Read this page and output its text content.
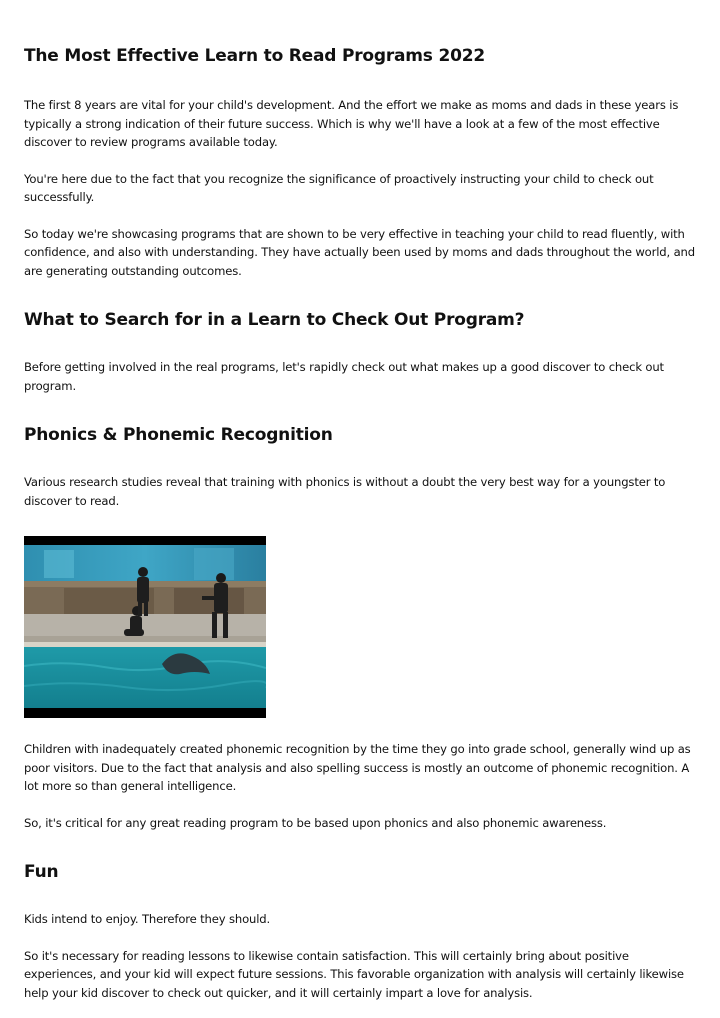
The Most Effective Learn to Read Programs 2022

The first 8 years are vital for your child's development. And the effort we make as moms and dads in these years is typically a strong indication of their future success. Which is why we'll have a look at a few of the most effective discover to review programs available today.

You're here due to the fact that you recognize the significance of proactively instructing your child to check out successfully.

So today we're showcasing programs that are shown to be very effective in teaching your child to read fluently, with confidence, and also with understanding. They have actually been used by moms and dads throughout the world, and are generating outstanding outcomes.

What to Search for in a Learn to Check Out Program?

Before getting involved in the real programs, let's rapidly check out what makes up a good discover to check out program.

Phonics & Phonemic Recognition

Various research studies reveal that training with phonics is without a doubt the very best way for a youngster to discover to read.

Children with inadequately created phonemic recognition by the time they go into grade school, generally wind up as poor visitors. Due to the fact that analysis and also spelling success is mostly an outcome of phonemic recognition. A lot more so than general intelligence.

So, it's critical for any great reading program to be based upon phonics and also phonemic awareness.

Fun

Kids intend to enjoy. Therefore they should.

So it's necessary for reading lessons to likewise contain satisfaction. This will certainly bring about positive experiences, and your kid will expect future sessions. This favorable organization with analysis will certainly likewise help your kid discover to check out quicker, and it will certainly impart a love for analysis.
